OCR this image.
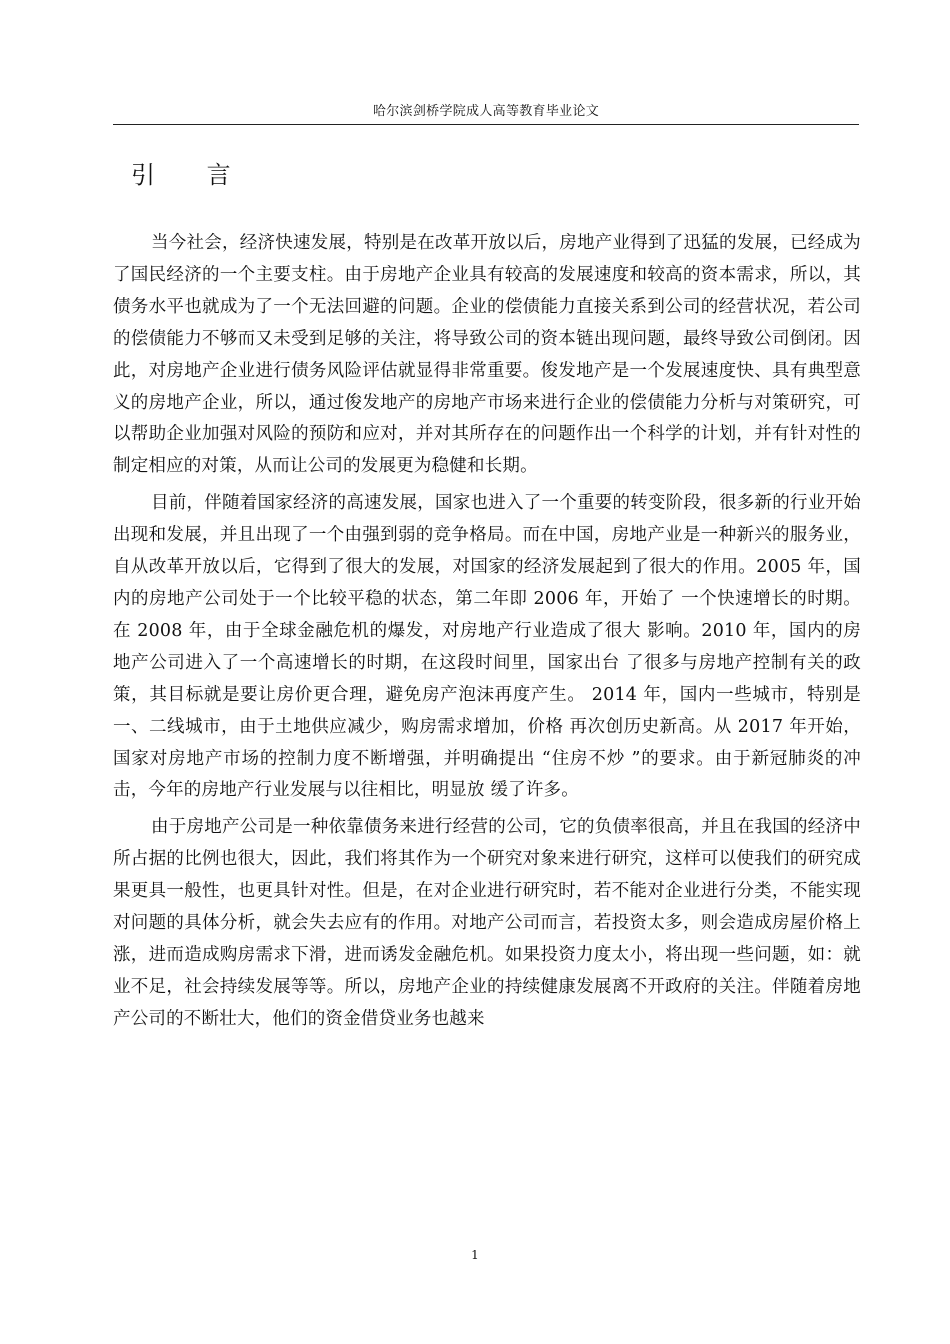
哈尔滨剑桥学院成人高等教育毕业论文
引 言

当今社会，经济快速发展，特别是在改革开放以后，房地产业得到了迅猛的发展，已经成为了国民经济的一个主要支柱。由于房地产企业具有较高的发展速度和较高的资本需求，所以，其债务水平也就成为了一个无法回避的问题。企业的偿债能力直接关系到公司的经营状况，若公司的偿债能力不够而又未受到足够的关注，将导致公司的资本链出现问题，最终导致公司倒闭。因此，对房地产企业进行债务风险评估就显得非常重要。俊发地产是一个发展速度快、具有典型意义的房地产企业，所以，通过俊发地产的房地产市场来进行企业的偿债能力分析与对策研究，可以帮助企业加强对风险的预防和应对，并对其所存在的问题作出一个科学的计划，并有针对性的制定相应的对策，从而让公司的发展更为稳健和长期。

目前，伴随着国家经济的高速发展，国家也进入了一个重要的转变阶段，很多新的行业开始出现和发展，并且出现了一个由强到弱的竞争格局。而在中国，房地产业是一种新兴的服务业，自从改革开放以后，它得到了很大的发展，对国家的经济发展起到了很大的作用。2005 年，国内的房地产公司处于一个比较平稳的状态，第二年即 2006 年，开始了 一个快速增长的时期。在 2008 年，由于全球金融危机的爆发，对房地产行业造成了很大 影响。2010 年，国内的房地产公司进入了一个高速增长的时期，在这段时间里，国家出台 了很多与房地产控制有关的政策，其目标就是要让房价更合理，避免房产泡沫再度产生。 2014 年，国内一些城市，特别是一、二线城市，由于土地供应减少，购房需求增加，价格 再次创历史新高。从 2017 年开始，国家对房地产市场的控制力度不断增强，并明确提出 “住房不炒 ”的要求。由于新冠肺炎的冲击，今年的房地产行业发展与以往相比，明显放 缓了许多。

由于房地产公司是一种依靠债务来进行经营的公司，它的负债率很高，并且在我国的经济中所占据的比例也很大，因此，我们将其作为一个研究对象来进行研究，这样可以使我们的研究成果更具一般性，也更具针对性。但是，在对企业进行研究时，若不能对企业进行分类，不能实现对问题的具体分析，就会失去应有的作用。对地产公司而言，若投资太多，则会造成房屋价格上涨，进而造成购房需求下滑，进而诱发金融危机。如果投资力度太小，将出现一些问题，如：就业不足，社会持续发展等等。所以，房地产企业的持续健康发展离不开政府的关注。伴随着房地产公司的不断壮大，他们的资金借贷业务也越来

1
